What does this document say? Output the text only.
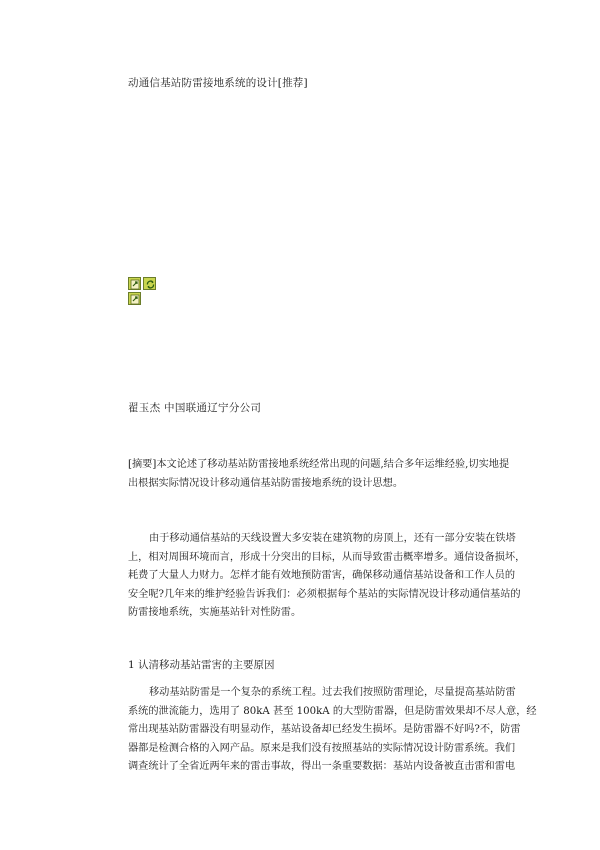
动通信基站防雷接地系统的设计[推荐]
翟玉杰 中国联通辽宁分公司
[摘要]本文论述了移动基站防雷接地系统经常出现的问题,结合多年运维经验,切实地提
出根据实际情况设计移动通信基站防雷接地系统的设计思想。
由于移动通信基站的天线设置大多安装在建筑物的房顶上，还有一部分安装在铁塔
上，相对周围环境而言，形成十分突出的目标，从而导致雷击概率增多。通信设备损坏，
耗费了大量人力财力。怎样才能有效地预防雷害，确保移动通信基站设备和工作人员的
安全呢?几年来的维护经验告诉我们：必须根据每个基站的实际情况设计移动通信基站的
防雷接地系统，实施基站针对性防雷。
1 认清移动基站雷害的主要原因
移动基站防雷是一个复杂的系统工程。过去我们按照防雷理论，尽量提高基站防雷
系统的泄流能力，选用了 80kA 甚至 100kA 的大型防雷器，但是防雷效果却不尽人意，经
常出现基站防雷器没有明显动作，基站设备却已经发生损坏。是防雷器不好吗?不，防雷
器都是检测合格的入网产品。原来是我们没有按照基站的实际情况设计防雷系统。我们
调查统计了全省近两年来的雷击事故，得出一条重要数据：基站内设备被直击雷和雷电
